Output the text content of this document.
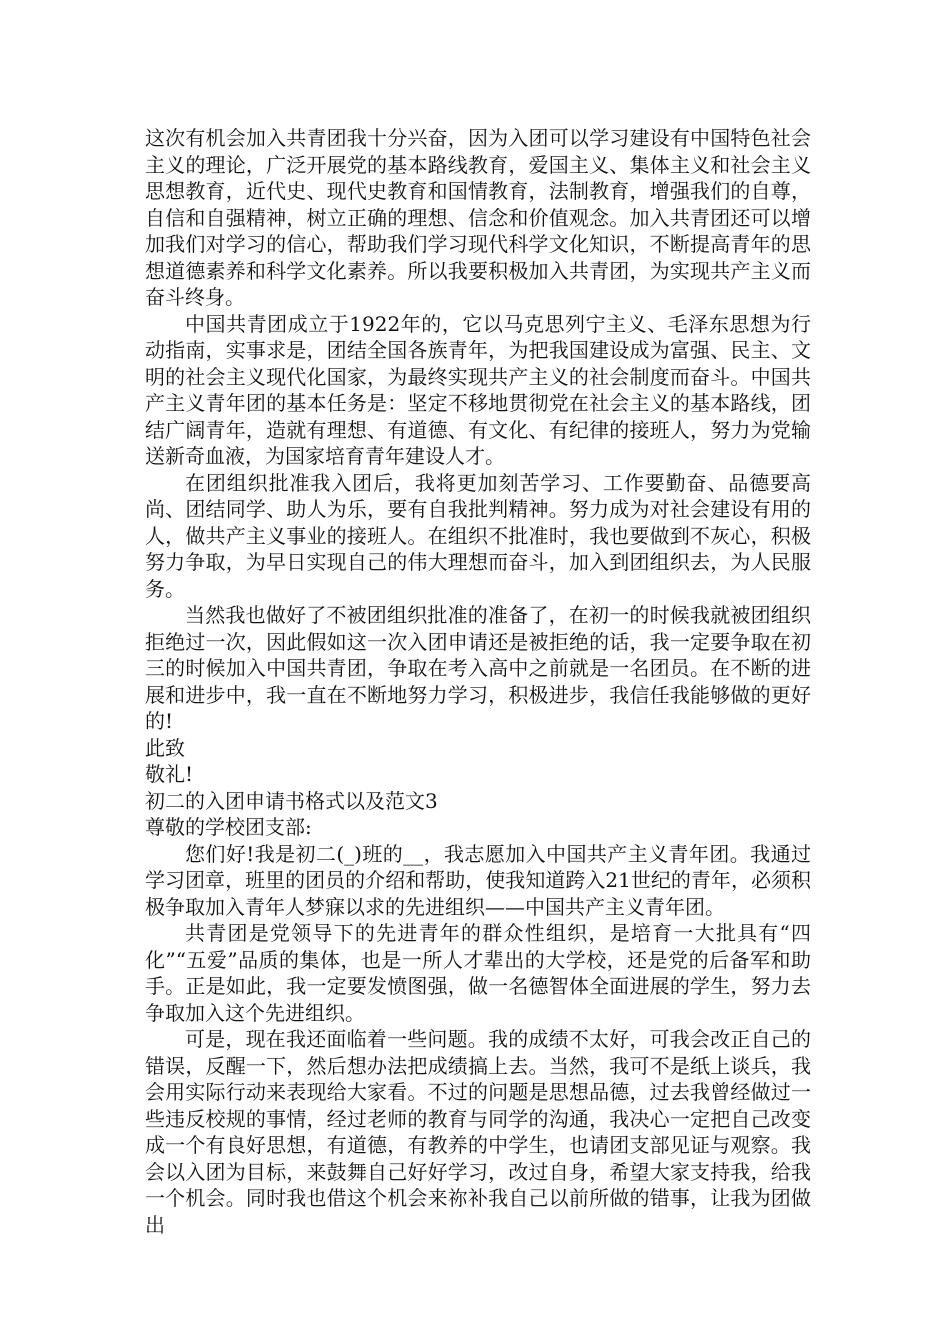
这次有机会加入共青团我十分兴奋，因为入团可以学习建设有中国特色社会主义的理论，广泛开展党的基本路线教育，爱国主义、集体主义和社会主义思想教育，近代史、现代史教育和国情教育，法制教育，增强我们的自尊，自信和自强精神，树立正确的理想、信念和价值观念。加入共青团还可以增加我们对学习的信心，帮助我们学习现代科学文化知识，不断提高青年的思想道德素养和科学文化素养。所以我要积极加入共青团，为实现共产主义而奋斗终身。

中国共青团成立于1922年的，它以马克思列宁主义、毛泽东思想为行动指南，实事求是，团结全国各族青年，为把我国建设成为富强、民主、文明的社会主义现代化国家，为最终实现共产主义的社会制度而奋斗。中国共产主义青年团的基本任务是：坚定不移地贯彻党在社会主义的基本路线，团结广阔青年，造就有理想、有道德、有文化、有纪律的接班人，努力为党输送新奇血液，为国家培育青年建设人才。

在团组织批准我入团后，我将更加刻苦学习、工作要勤奋、品德要高尚、团结同学、助人为乐，要有自我批判精神。努力成为对社会建设有用的人，做共产主义事业的接班人。在组织不批准时，我也要做到不灰心，积极努力争取，为早日实现自己的伟大理想而奋斗，加入到团组织去，为人民服务。

当然我也做好了不被团组织批准的准备了，在初一的时候我就被团组织拒绝过一次，因此假如这一次入团申请还是被拒绝的话，我一定要争取在初三的时候加入中国共青团，争取在考入高中之前就是一名团员。在不断的进展和进步中，我一直在不断地努力学习，积极进步，我信任我能够做的更好的!

此致

敬礼!

初二的入团申请书格式以及范文3

尊敬的学校团支部:

您们好!我是初二(_)班的__，我志愿加入中国共产主义青年团。我通过学习团章，班里的团员的介绍和帮助，使我知道跨入21世纪的青年，必须积极争取加入青年人梦寐以求的先进组织——中国共产主义青年团。

共青团是党领导下的先进青年的群众性组织，是培育一大批具有“四化”“五爱”品质的集体，也是一所人才辈出的大学校，还是党的后备军和助手。正是如此，我一定要发愤图强，做一名德智体全面进展的学生，努力去争取加入这个先进组织。

可是，现在我还面临着一些问题。我的成绩不太好，可我会改正自己的错误，反醒一下，然后想办法把成绩搞上去。当然，我可不是纸上谈兵，我会用实际行动来表现给大家看。不过的问题是思想品德，过去我曾经做过一些违反校规的事情，经过老师的教育与同学的沟通，我决心一定把自己改变成一个有良好思想，有道德，有教养的中学生，也请团支部见证与观察。我会以入团为目标，来鼓舞自己好好学习，改过自身，希望大家支持我，给我一个机会。同时我也借这个机会来祢补我自己以前所做的错事，让我为团做出
